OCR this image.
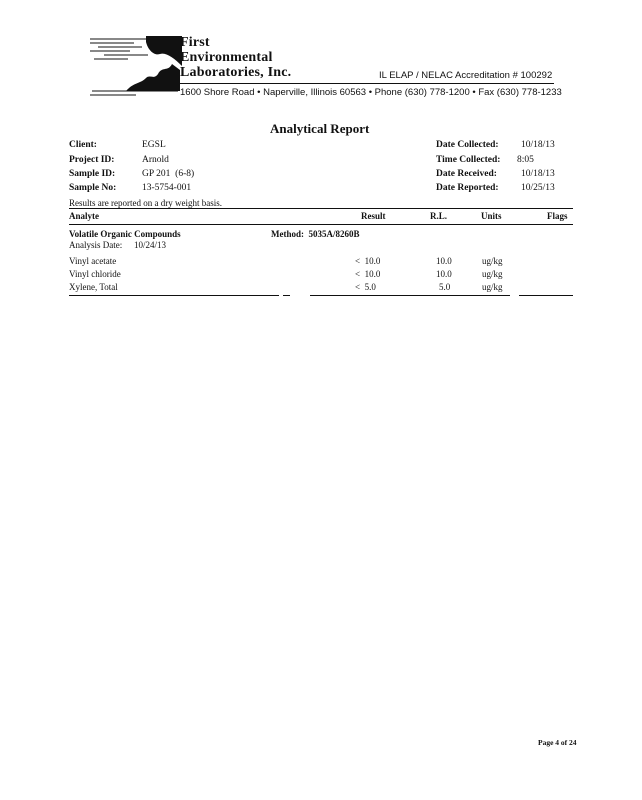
First
Environmental
Laboratories, Inc.	IL ELAP / NELAC Accreditation # 100292
1600 Shore Road • Naperville, Illinois 60563 • Phone (630) 778-1200 • Fax (630) 778-1233
Analytical Report
Client:	EGSL
Project ID:	Arnold
Sample ID:	GP 201  (6-8)
Sample No:	13-5754-001
Date Collected: 10/18/13
Time Collected: 8:05
Date Received:	10/18/13
Date Reported: 10/25/13
Results are reported on a dry weight basis.
Analyte	Result	R.L.	Units	Flags
Volatile Organic Compounds	Method:  5035A/8260B
Analysis Date: 10/24/13
Vinyl acetate	<  10.0	10.0	ug/kg
Vinyl chloride	<  10.0	10.0	ug/kg
Xylene, Total	<  5.0	5.0	ug/kg
Page 4 of 24
